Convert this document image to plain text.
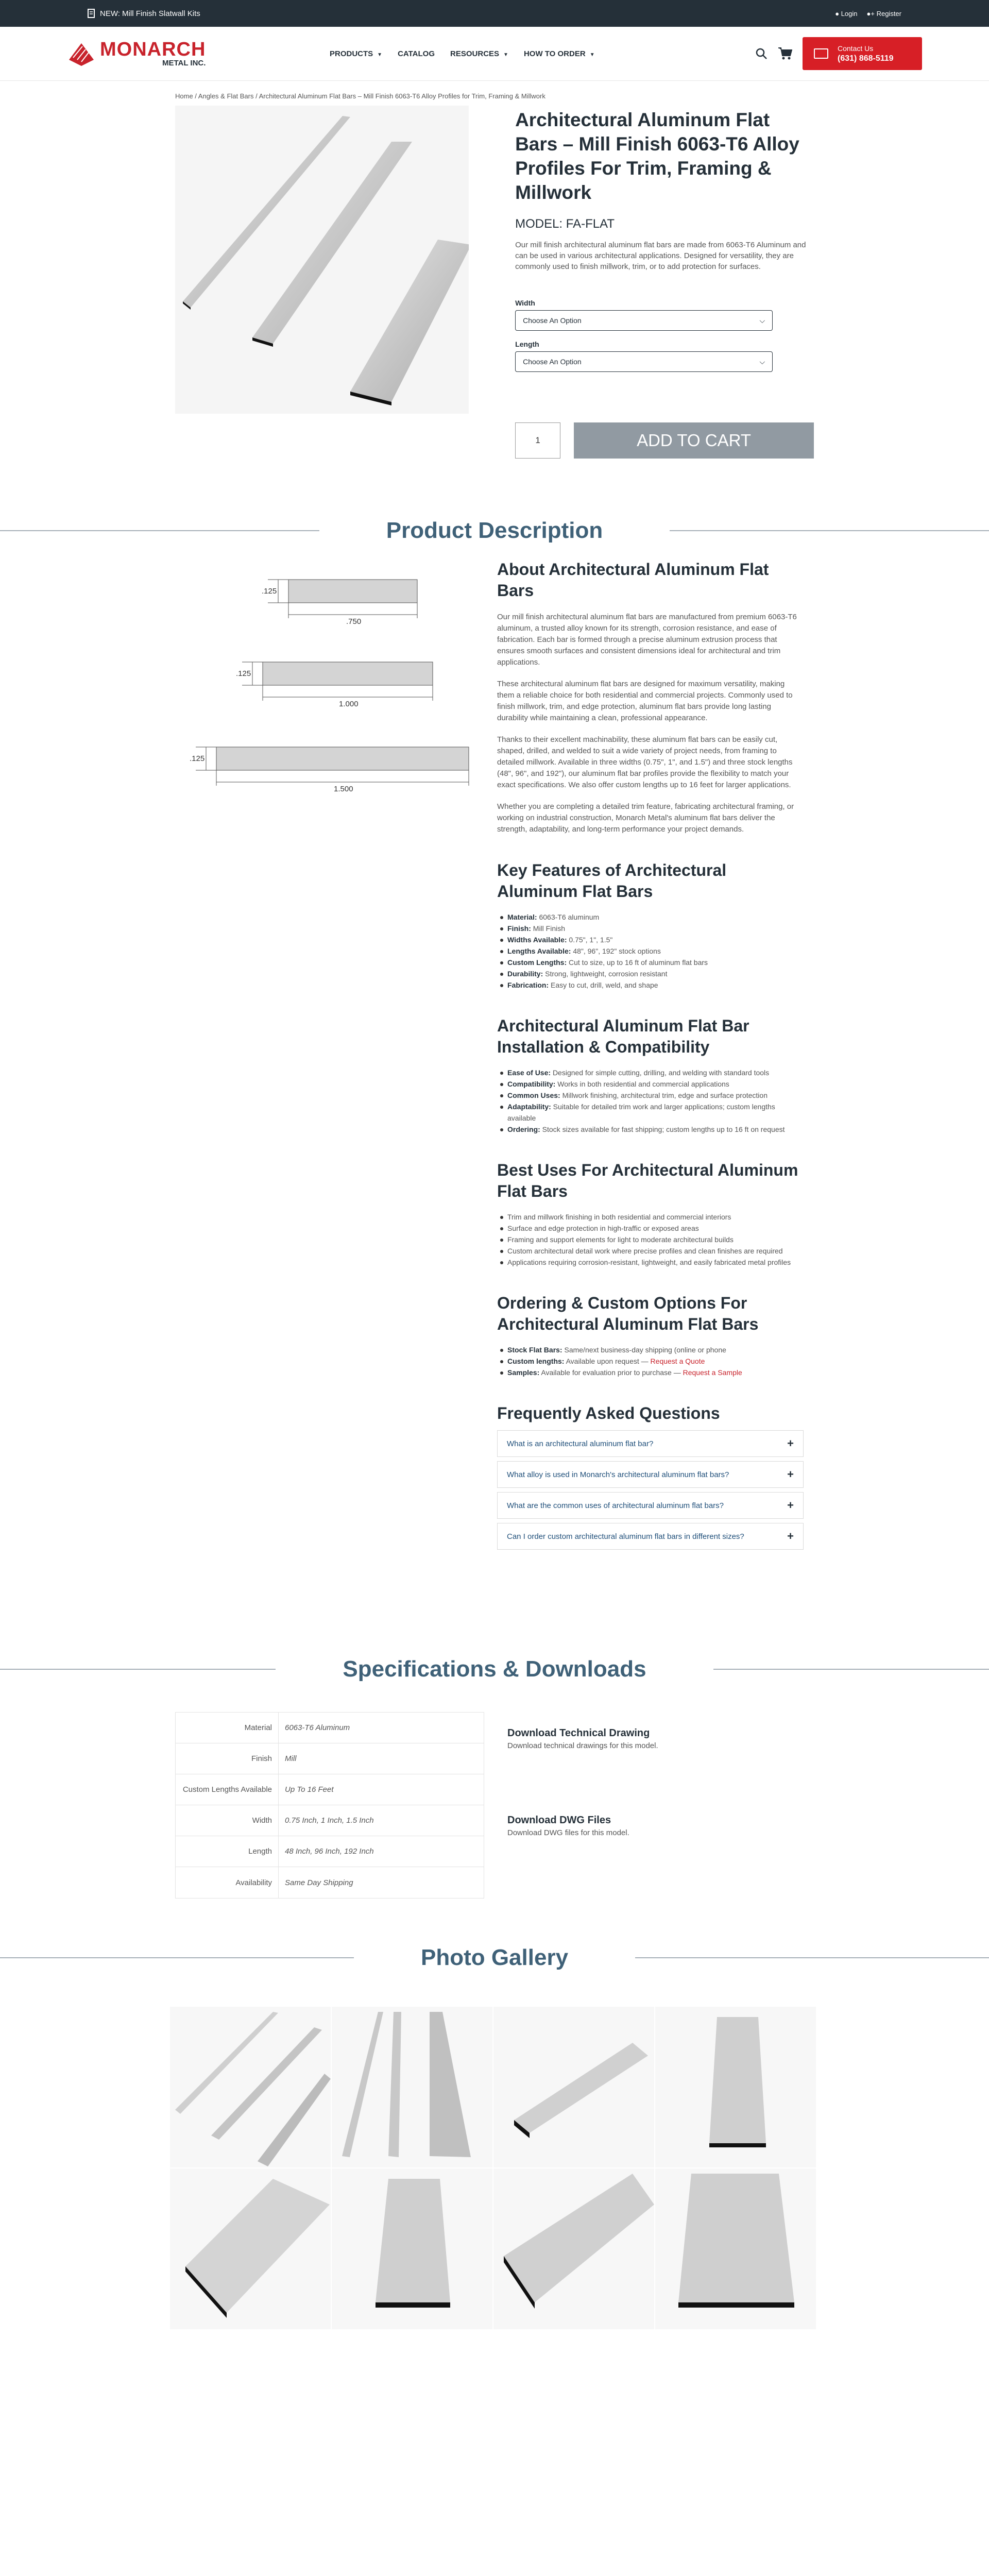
NEW: Mill Finish Slatwall Kits	● Login ●+ Register
MONARCH
METAL INC.
PRODUCTS ▼ CATALOG RESOURCES ▼ HOW TO ORDER ▼
Contact Us
(631) 868-5119
Home / Angles & Flat Bars / Architectural Aluminum Flat Bars – Mill Finish 6063-T6 Alloy Profiles for Trim, Framing & Millwork
Architectural Aluminum Flat Bars – Mill Finish 6063-T6 Alloy Profiles For Trim, Framing & Millwork
MODEL: FA-FLAT
Our mill finish architectural aluminum flat bars are made from 6063-T6 Aluminum and can be used in various architectural applications. Designed for versatility, they are commonly used to finish millwork, trim, or to add protection for surfaces.
Width
Choose An Option	⌵
Length
Choose An Option	⌵
1	ADD TO CART
Product Description
.125
.750
.125
1.000
.125
1.500
About Architectural Aluminum Flat Bars

Our mill finish architectural aluminum flat bars are manufactured from premium 6063-T6 aluminum, a trusted alloy known for its strength, corrosion resistance, and ease of fabrication. Each bar is formed through a precise aluminum extrusion process that ensures smooth surfaces and consistent dimensions ideal for architectural and trim applications.

These architectural aluminum flat bars are designed for maximum versatility, making them a reliable choice for both residential and commercial projects. Commonly used to finish millwork, trim, and edge protection, aluminum flat bars provide long lasting durability while maintaining a clean, professional appearance.

Thanks to their excellent machinability, these aluminum flat bars can be easily cut, shaped, drilled, and welded to suit a wide variety of project needs, from framing to detailed millwork. Available in three widths (0.75", 1", and 1.5") and three stock lengths (48", 96", and 192"), our aluminum flat bar profiles provide the flexibility to match your exact specifications. We also offer custom lengths up to 16 feet for larger applications.

Whether you are completing a detailed trim feature, fabricating architectural framing, or working on industrial construction, Monarch Metal's aluminum flat bars deliver the strength, adaptability, and long-term performance your project demands.

Key Features of Architectural Aluminum Flat Bars
Material: 6063-T6 aluminum
Finish: Mill Finish
Widths Available: 0.75", 1", 1.5"
Lengths Available: 48", 96", 192" stock options
Custom Lengths: Cut to size, up to 16 ft of aluminum flat bars
Durability: Strong, lightweight, corrosion resistant
Fabrication: Easy to cut, drill, weld, and shape
Architectural Aluminum Flat Bar Installation & Compatibility
Ease of Use: Designed for simple cutting, drilling, and welding with standard tools
Compatibility: Works in both residential and commercial applications
Common Uses: Millwork finishing, architectural trim, edge and surface protection
Adaptability: Suitable for detailed trim work and larger applications; custom lengths available
Ordering: Stock sizes available for fast shipping; custom lengths up to 16 ft on request
Best Uses For Architectural Aluminum Flat Bars
Trim and millwork finishing in both residential and commercial interiors
Surface and edge protection in high-traffic or exposed areas
Framing and support elements for light to moderate architectural builds
Custom architectural detail work where precise profiles and clean finishes are required
Applications requiring corrosion-resistant, lightweight, and easily fabricated metal profiles
Ordering & Custom Options For Architectural Aluminum Flat Bars
Stock Flat Bars: Same/next business-day shipping (online or phone
Custom lengths: Available upon request — Request a Quote
Samples: Available for evaluation prior to purchase — Request a Sample
Frequently Asked Questions
What is an architectural aluminum flat bar?	+
What alloy is used in Monarch's architectural aluminum flat bars?	+
What are the common uses of architectural aluminum flat bars?	+
Can I order custom architectural aluminum flat bars in different sizes?	+
Specifications & Downloads
Material	6063-T6 Aluminum
Finish	Mill
Custom Lengths Available	Up To 16 Feet
Width	0.75 Inch, 1 Inch, 1.5 Inch
Length	48 Inch, 96 Inch, 192 Inch
Availability	Same Day Shipping
Download Technical Drawing

Download technical drawings for this model.

Download DWG Files

Download DWG files for this model.

Photo Gallery
